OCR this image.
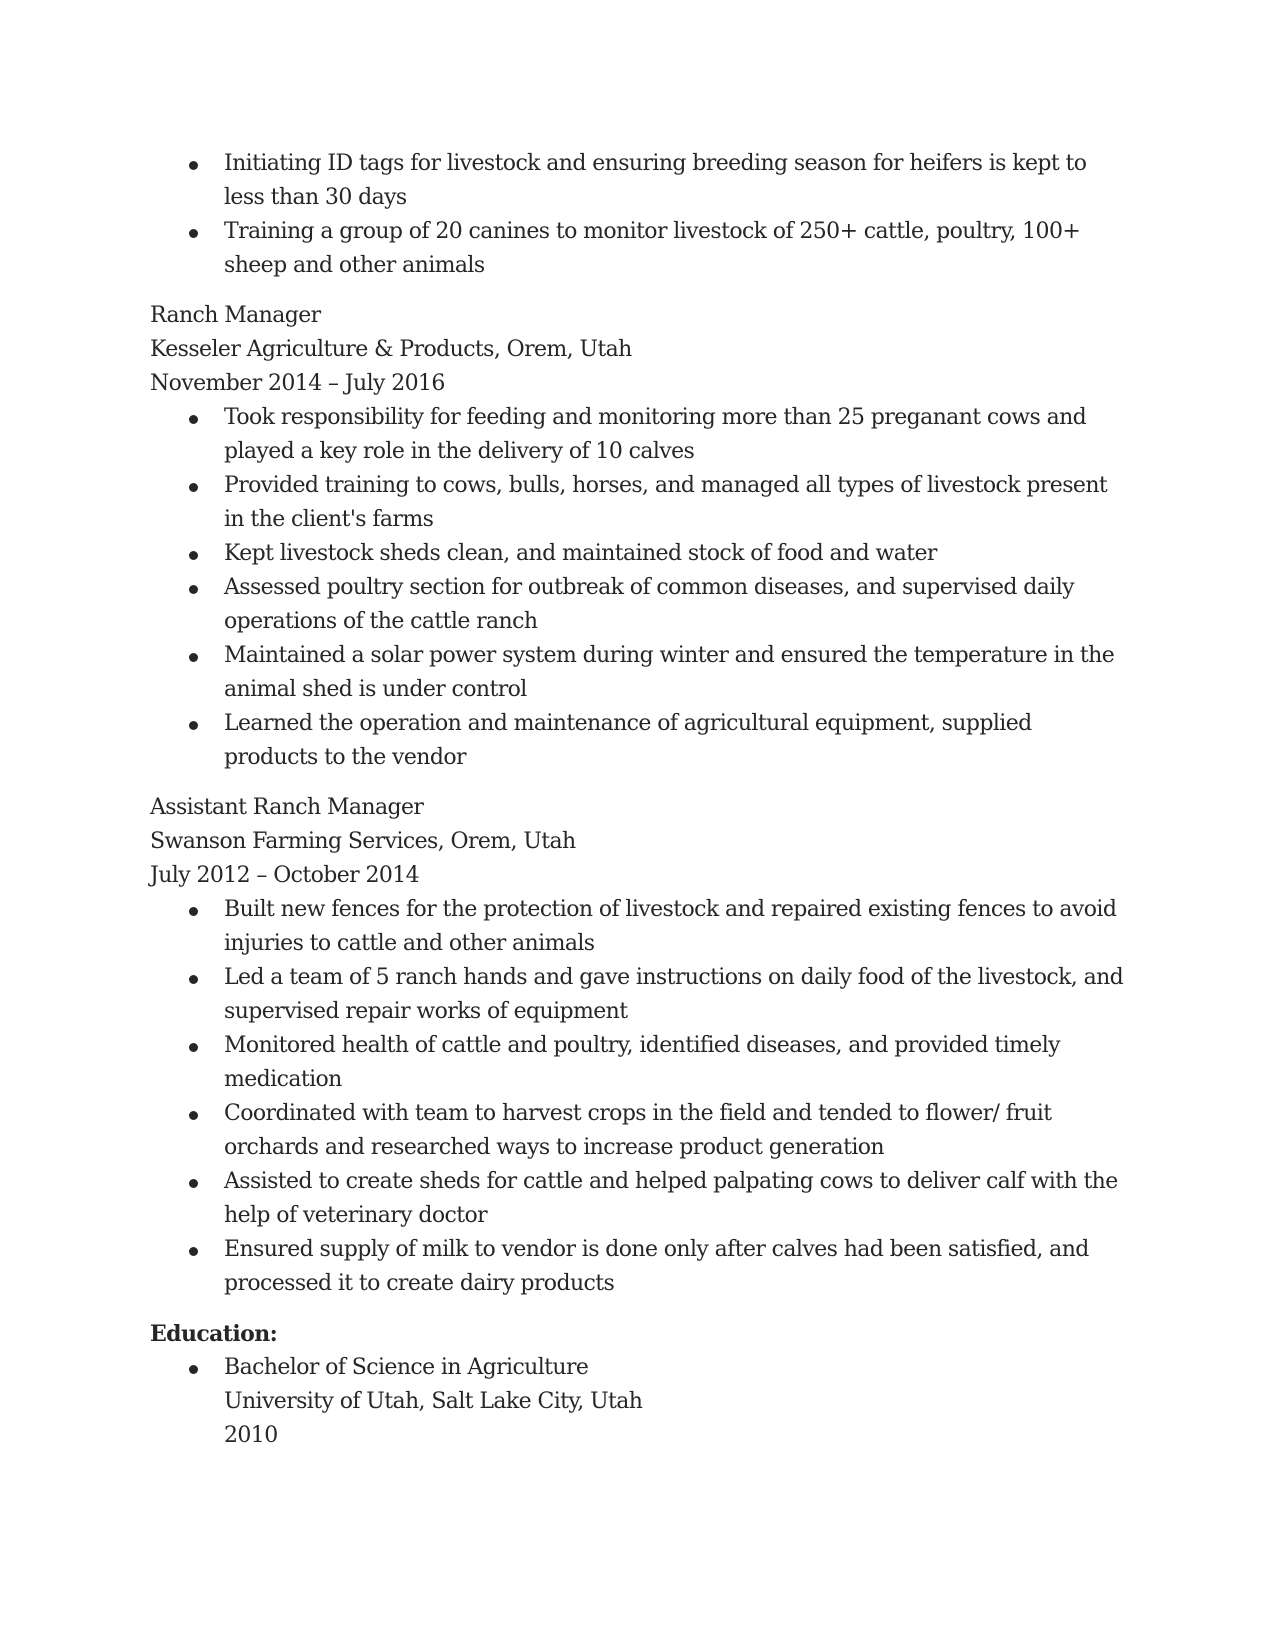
Initiating ID tags for livestock and ensuring breeding season for heifers is kept to less than 30 days
Training a group of 20 canines to monitor livestock of 250+ cattle, poultry, 100+ sheep and other animals
Ranch Manager
Kesseler Agriculture & Products, Orem, Utah
November 2014 – July 2016
Took responsibility for feeding and monitoring more than 25 preganant cows and played a key role in the delivery of 10 calves
Provided training to cows, bulls, horses, and managed all types of livestock present in the client's farms
Kept livestock sheds clean, and maintained stock of food and water
Assessed poultry section for outbreak of common diseases, and supervised daily operations of the cattle ranch
Maintained a solar power system during winter and ensured the temperature in the animal shed is under control
Learned the operation and maintenance of agricultural equipment, supplied products to the vendor
Assistant Ranch Manager
Swanson Farming Services, Orem, Utah
July 2012 – October 2014
Built new fences for the protection of livestock and repaired existing fences to avoid injuries to cattle and other animals
Led a team of 5 ranch hands and gave instructions on daily food of the livestock, and supervised repair works of equipment
Monitored health of cattle and poultry, identified diseases, and provided timely medication
Coordinated with team to harvest crops in the field and tended to flower/ fruit orchards and researched ways to increase product generation
Assisted to create sheds for cattle and helped palpating cows to deliver calf with the help of veterinary doctor
Ensured supply of milk to vendor is done only after calves had been satisfied, and processed it to create dairy products
Education:
Bachelor of Science in Agriculture
University of Utah, Salt Lake City, Utah
2010
